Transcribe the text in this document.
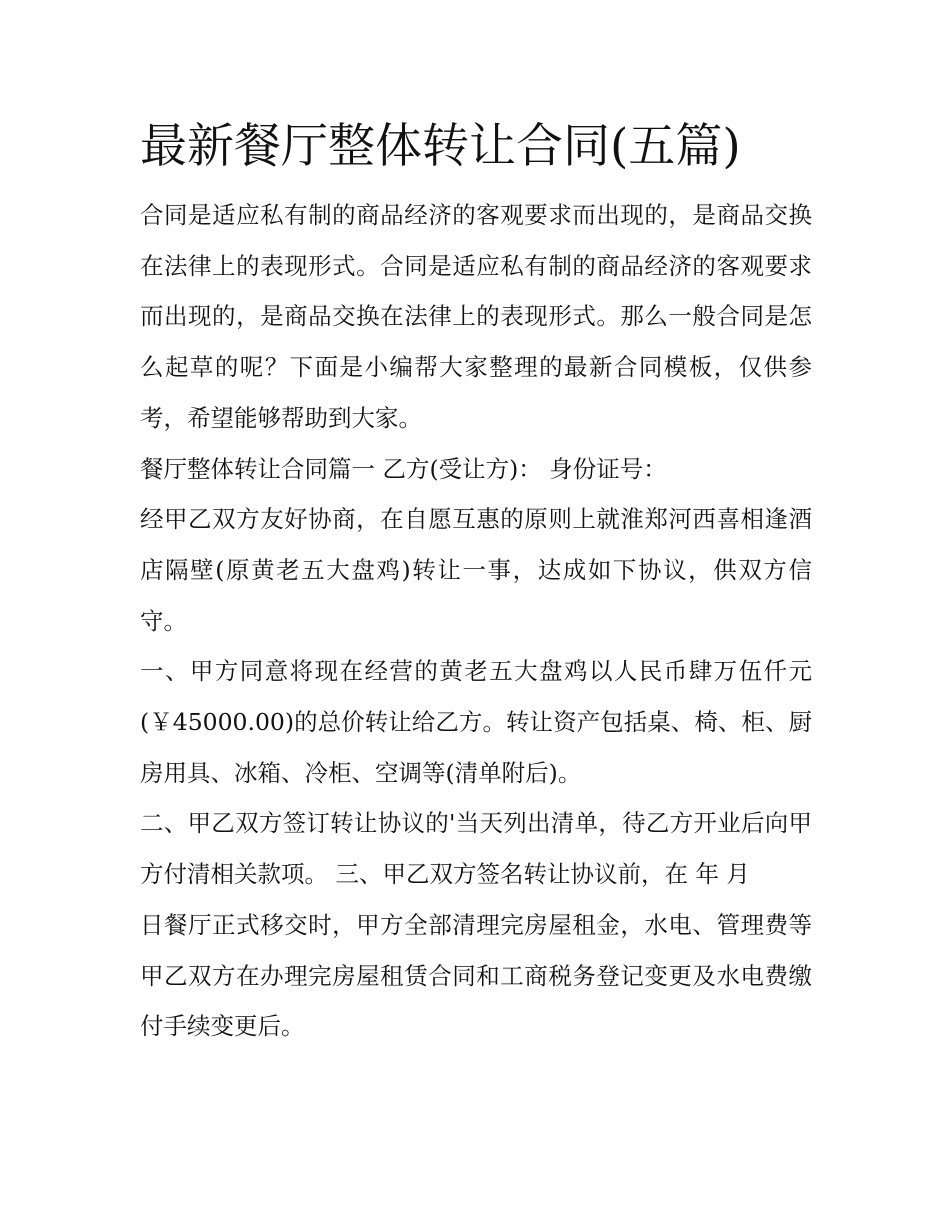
最新餐厅整体转让合同(五篇)

合同是适应私有制的商品经济的客观要求而出现的，是商品交换在法律上的表现形式。合同是适应私有制的商品经济的客观要求而出现的，是商品交换在法律上的表现形式。那么一般合同是怎么起草的呢？下面是小编帮大家整理的最新合同模板，仅供参考，希望能够帮助到大家。

餐厅整体转让合同篇一 乙方(受让方)： 身份证号：

经甲乙双方友好协商，在自愿互惠的原则上就淮郑河西喜相逢酒店隔壁(原黄老五大盘鸡)转让一事，达成如下协议，供双方信守。

一、甲方同意将现在经营的黄老五大盘鸡以人民币肆万伍仟元(￥45000.00)的总价转让给乙方。转让资产包括桌、椅、柜、厨房用具、冰箱、冷柜、空调等(清单附后)。

二、甲乙双方签订转让协议的'当天列出清单，待乙方开业后向甲方付清相关款项。 三、甲乙双方签名转让协议前，在 年 月

日餐厅正式移交时，甲方全部清理完房屋租金，水电、管理费等甲乙双方在办理完房屋租赁合同和工商税务登记变更及水电费缴付手续变更后。
